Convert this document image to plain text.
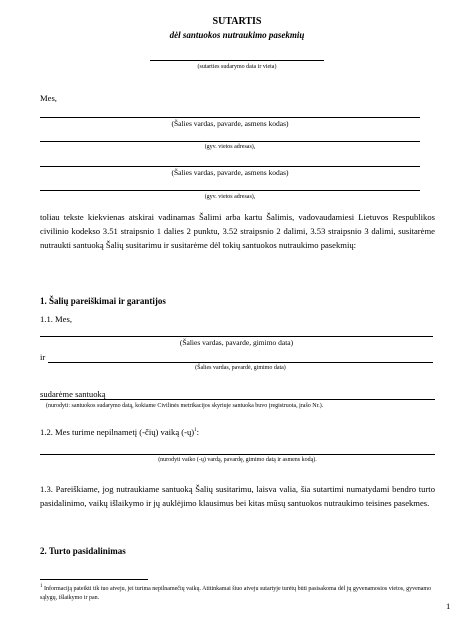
SUTARTIS
dėl santuokos nutraukimo pasekmių
(sutarties sudarymo data ir vieta)
Mes,
(Šalies vardas, pavarde, asmens kodas)
(gyv. vietos adresas),
(Šalies vardas, pavarde, asmens kodas)
(gyv. vietos adresas),
toliau tekste kiekvienas atskirai vadinamas Šalimi arba kartu Šalimis, vadovaudamiesi Lietuvos Respublikos civilinio kodekso 3.51 straipsnio 1 dalies 2 punktu, 3.52 straipsnio 2 dalimi, 3.53 straipsnio 3 dalimi, susitarėme nutraukti santuoką Šalių susitarimu ir susitarėme dėl tokių santuokos nutraukimo pasekmių:
1. Šalių pareiškimai ir garantijos
1.1. Mes,
(Šalies vardas, pavarde, gimimo data)
ir
(Šalies vardas, pavardė, gimimo data)
sudarėme santuoką
(nurodyti: santuokos sudarymo datą, kokiame Civilinės metrikacijos skyriuje santuoka buvo įregistruota, įrašo Nr.).
1.2. Mes turime nepilnametį (-čių) vaiką (-ų)$^1$:
(nurodyti vaiko (-ų) vardą, pavardę, gimimo datą ir asmens kodą).
1.3. Pareiškiame, jog nutraukiame santuoką Šalių susitarimu, laisva valia, šia sutartimi numatydami bendro turto pasidalinimo, vaikų išlaikymo ir jų auklėjimo klausimus bei kitas mūsų santuokos nutraukimo teisines pasekmes.
2. Turto pasidalinimas
$^1$ Informaciją pateikti tik tuo atveju, jei turima nepilnamečių vaikų. Atitinkamai šiuo atveju sutartyje turėtų būti pasisakoma dėl jų gyvenamosios vietos, gyvenamo sąlygų, išlaikymo ir pan.
1
